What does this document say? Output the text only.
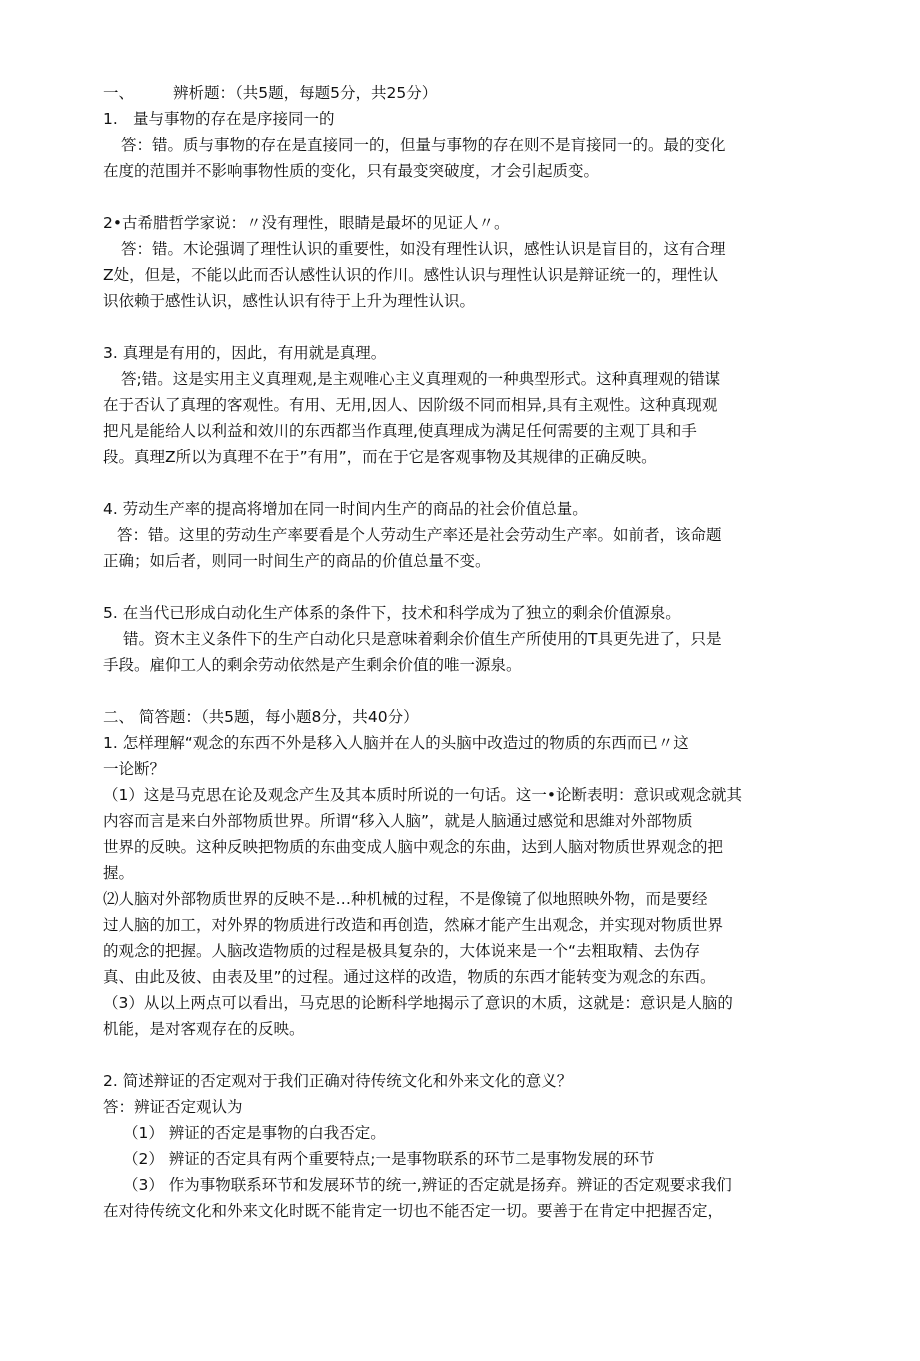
一、	辨析题：（共5题，每题5分，共25分）
1. 量与事物的存在是序接同一的
答：错。质与事物的存在是直接同一的，但量与事物的存在则不是肓接同一的。最的变化
在度的范围并不影响事物性质的变化，只有最变突破度，才会引起质变。
2•古希腊哲学家说：〃没有理性，眼睛是最坏的见证人〃。
答：错。木论强调了理性认识的重要性，如没有理性认识，感性认识是盲目的，这有合理
Z处，但是，不能以此而否认感性认识的作川。感性认识与理性认识是辩证统一的，理性认
识依赖于感性认识，感性认识有待于上升为理性认识。
3. 真理是有用的，因此，有用就是真理。
答;错。这是实用主义真理观,是主观唯心主义真理观的一种典型形式。这种真理观的错谋
在于否认了真理的客观性。有用、无用,因人、因阶级不同而相异,具有主观性。这种真现观
把凡是能给人以利益和效川的东西都当作真理,使真理成为满足任何需要的主观丁具和手
段。真理Z所以为真理不在于”有用”，而在于它是客观事物及其规律的正确反映。
4. 劳动生产率的提高将增加在同一时间内生产的商品的社会价值总量。
答：错。这里的劳动生产率要看是个人劳动生产率还是社会劳动生产率。如前者，该命题
正确；如后者，则同一时间生产的商品的价值总量不变。
5. 在当代已形成白动化生产体系的条件下，技术和科学成为了独立的剩余价值源泉。
错。资木主义条件下的生产白动化只是意味着剩余价值生产所使用的T具更先进了，只是
手段。雇仰工人的剩余劳动依然是产生剩余价值的唯一源泉。
二、 简答题：（共5题，每小题8分，共40分）
1. 怎样理解“观念的东西不外是移入人脑并在人的头脑中改造过的物质的东西而已〃这
一论断？
（1）这是马克思在论及观念产生及其本质时所说的一句话。这一•论断表明：意识或观念就其
内容而言是来白外部物质世界。所谓“移入人脑”，就是人脑通过感觉和思維对外部物质
世界的反映。这种反映把物质的东曲变成人脑中观念的东曲，达到人脑对物质世界观念的把
握。
⑵人脑对外部物质世界的反映不是…种机械的过程，不是像镜了似地照映外物，而是要经
过人脑的加工，对外界的物质进行改造和再创造，然麻才能产生出观念，并实现对物质世界
的观念的把握。人脑改造物质的过程是极具复杂的，大体说来是一个“去粗取精、去伪存
真、由此及彼、由表及里”的过程。通过这样的改造，物质的东西才能转变为观念的东西。
（3）从以上两点可以看出，马克思的论断科学地揭示了意识的木质，这就是：意识是人脑的
机能，是对客观存在的反映。
2. 简述辩证的否定观对于我们正确对待传统文化和外来文化的意义？
答：辨证否定观认为
（1） 辨证的否定是事物的白我否定。
（2） 辨证的否定具有两个重要特点;一是事物联系的环节二是事物发展的环节
（3） 作为事物联系环节和发展环节的统一,辨证的否定就是扬弃。辨证的否定观要求我们
在对待传统文化和外来文化时既不能肯定一切也不能否定一切。要善于在肯定中把握否定，
